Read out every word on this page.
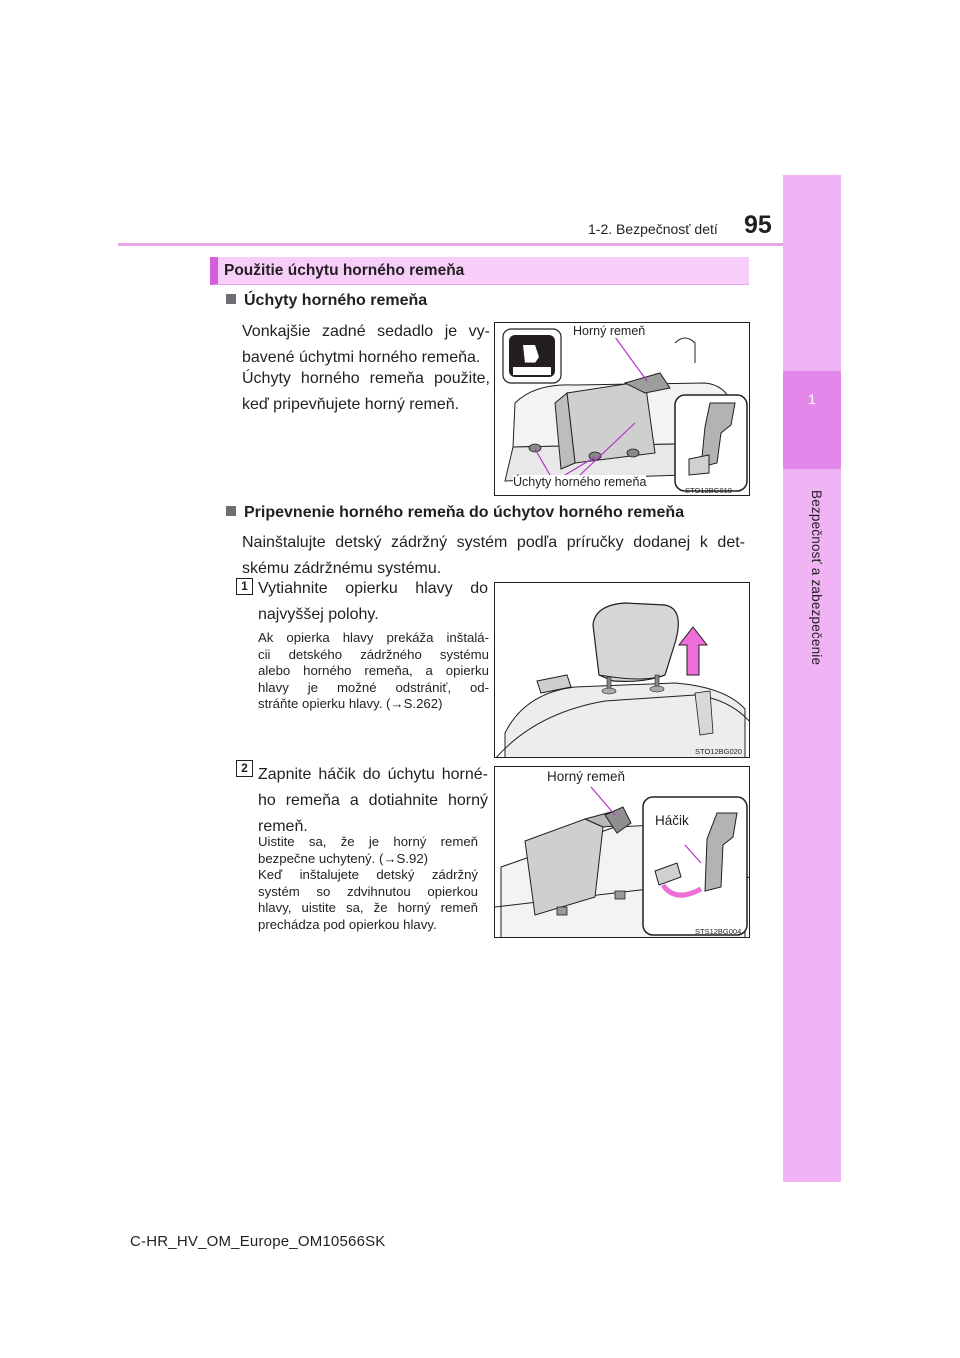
1-2. Bezpečnosť detí 95
1
Bezpečnosť a zabezpečenie
Použitie úchytu horného remeňa
Úchyty horného remeňa
Vonkajšie zadné sedadlo je vy-
bavené úchytmi horného remeňa.
Úchyty horného remeňa použite,
keď pripevňujete horný remeň.
Horný remeň
Úchyty horného remeňa
STO12BG019
TOP-TETHER
Pripevnenie horného remeňa do úchytov horného remeňa
Nainštalujte detský zádržný systém podľa príručky dodanej k det-
skému zádržnému systému.
1 Vytiahnite opierku hlavy do
najvyššej polohy.
Ak opierka hlavy prekáža inštalá-
cii detského zádržného systému
alebo horného remeňa, a opierku
hlavy je možné odstrániť, od-
stráňte opierku hlavy. (→S.262)
STO12BG020
2 Zapnite háčik do úchytu horné-
ho remeňa a dotiahnite horný
remeň.
Uistite sa, že je horný remeň
bezpečne uchytený. (→S.92)
Keď inštalujete detský zádržný
systém so zdvihnutou opierkou
hlavy, uistite sa, že horný remeň
prechádza pod opierkou hlavy.
Horný remeň
Háčik
STS12BG004
C-HR_HV_OM_Europe_OM10566SK
